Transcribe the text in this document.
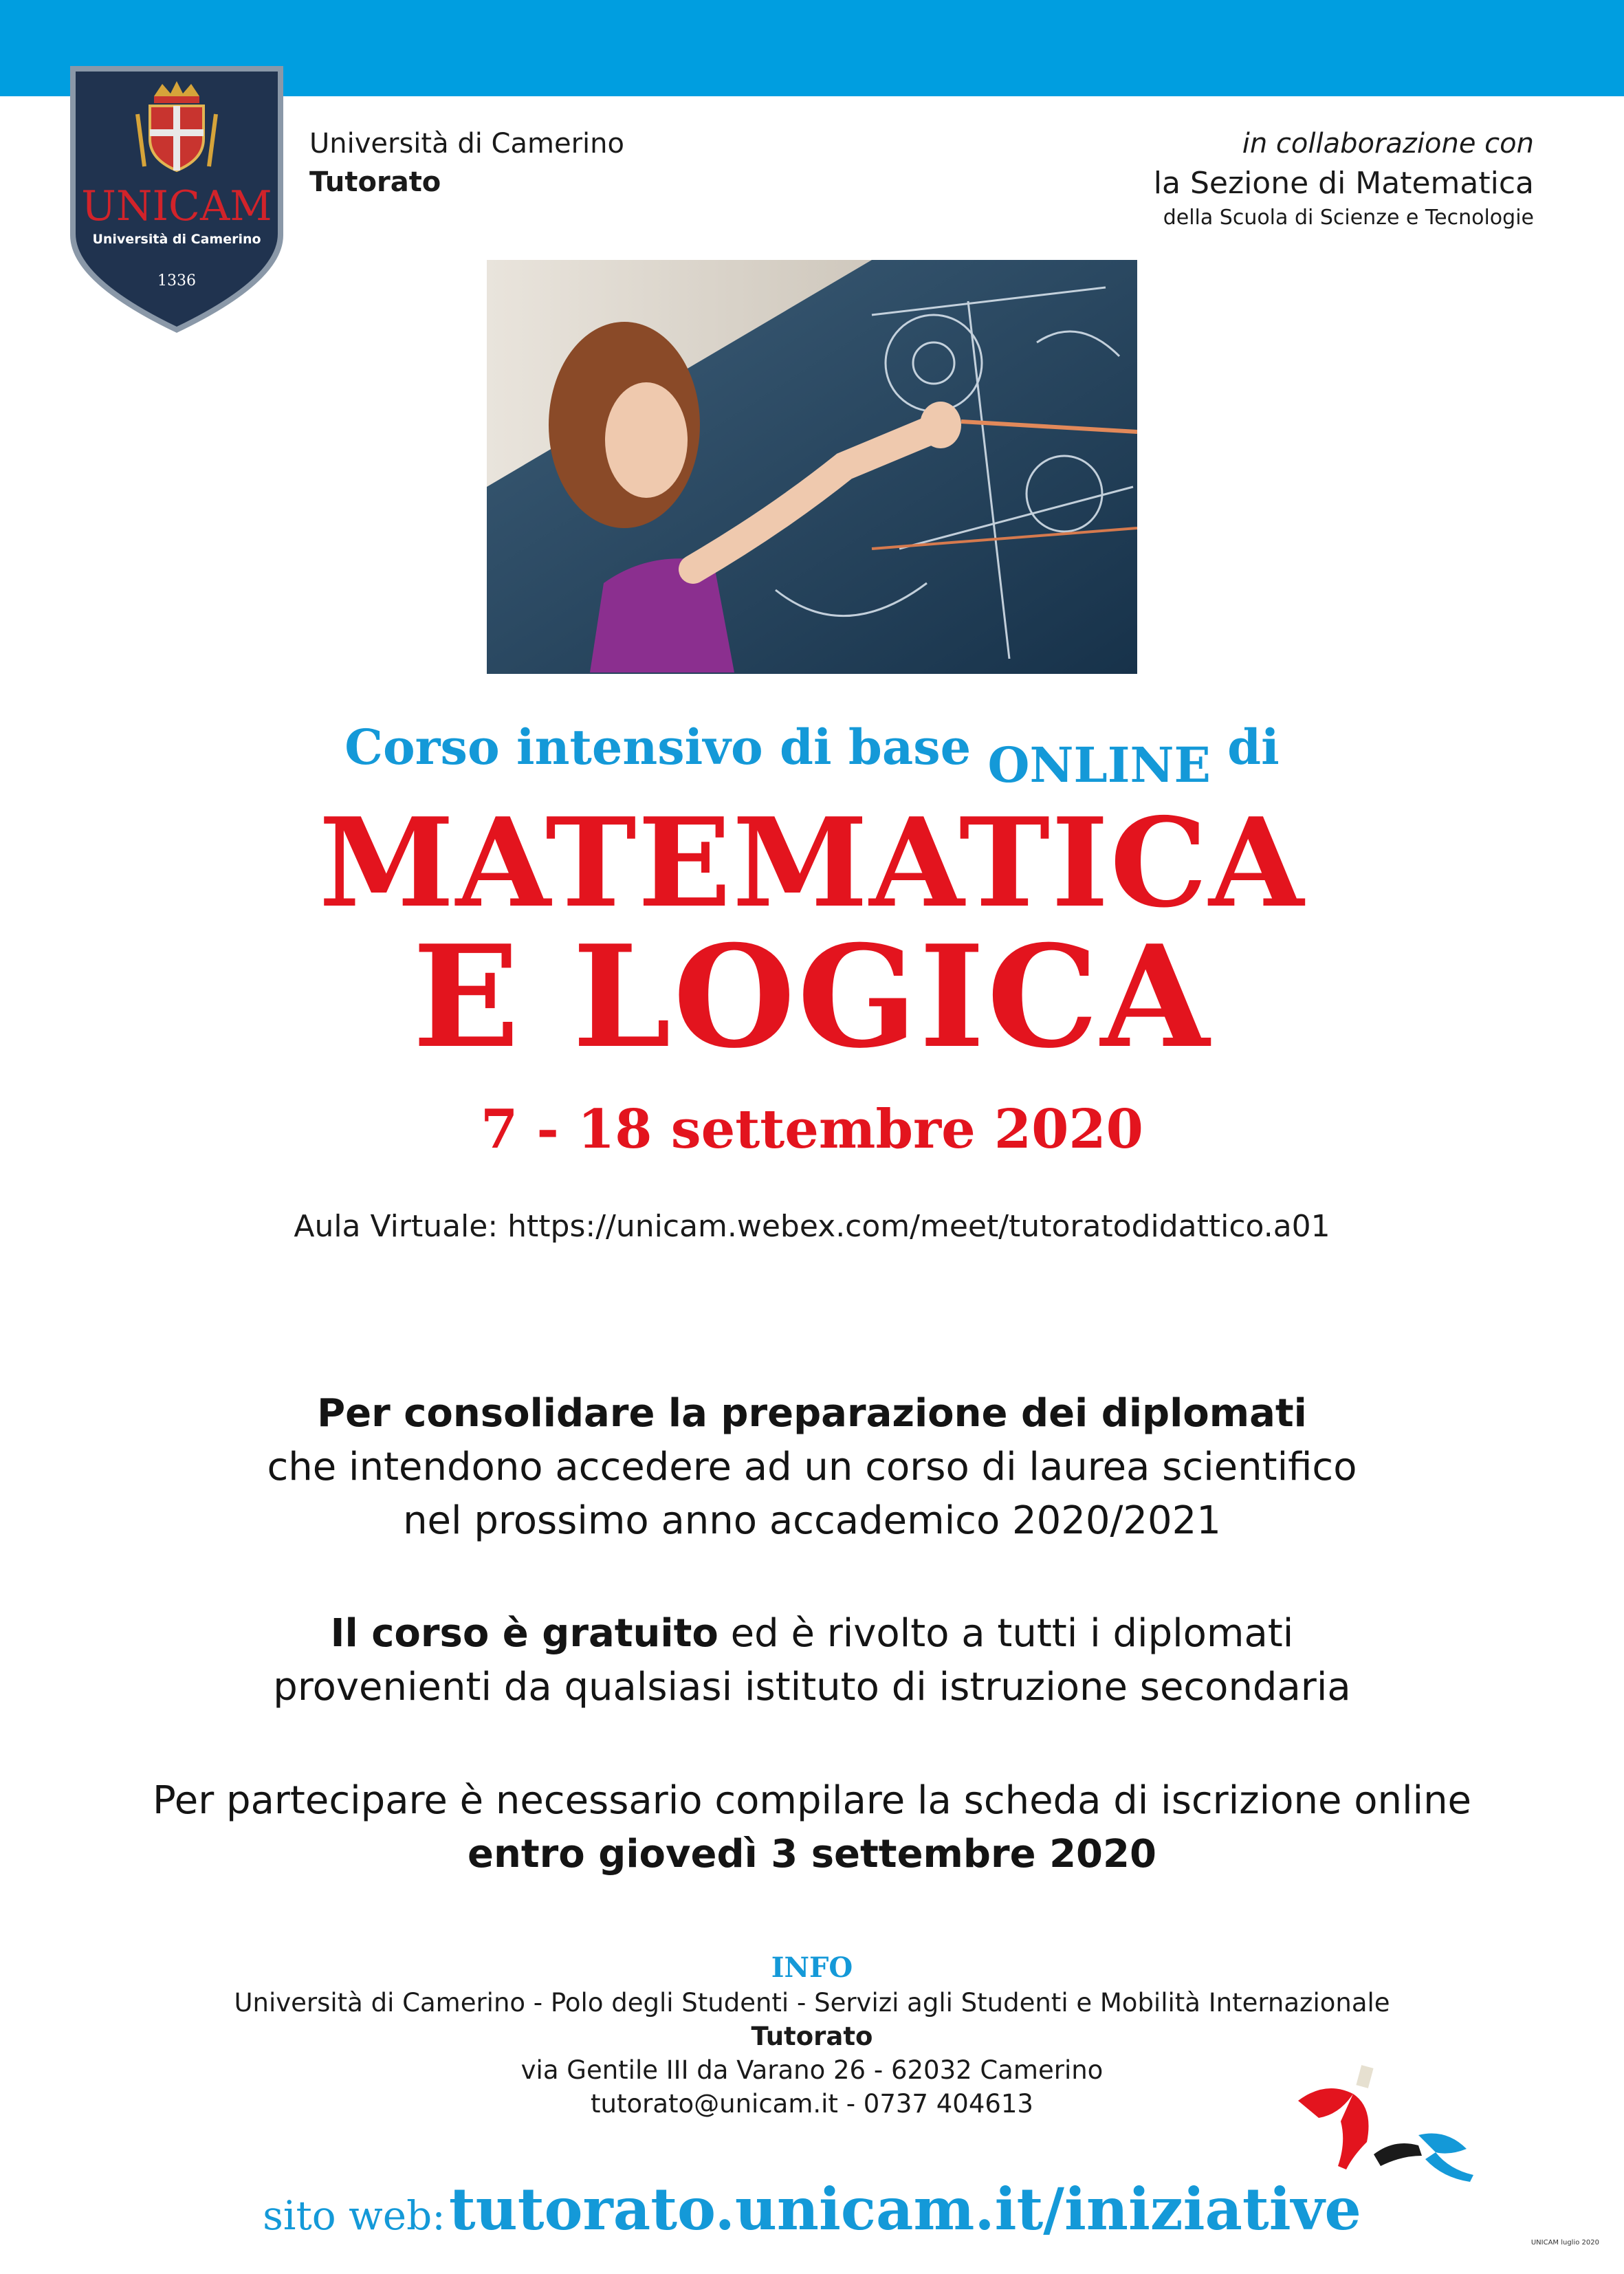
UNICAM
Università di Camerino
1336
Università di Camerino
Tutorato
in collaborazione con
la Sezione di Matematica
della Scuola di Scienze e Tecnologie
Corso intensivo di base ONLINE di
MATEMATICA
E LOGICA
7 - 18 settembre 2020
Aula Virtuale: https://unicam.webex.com/meet/tutoratodidattico.a01
Per consolidare la preparazione dei diplomati
che intendono accedere ad un corso di laurea scientifico
nel prossimo anno accademico 2020/2021
Il corso è gratuito ed è rivolto a tutti i diplomati
provenienti da qualsiasi istituto di istruzione secondaria
Per partecipare è necessario compilare la scheda di iscrizione online
entro giovedì 3 settembre 2020
INFO
Università di Camerino - Polo degli Studenti - Servizi agli Studenti e Mobilità Internazionale
Tutorato
via Gentile III da Varano 26 - 62032 Camerino
tutorato@unicam.it - 0737 404613
sito web: tutorato.unicam.it/iniziative	UNICAM luglio 2020
